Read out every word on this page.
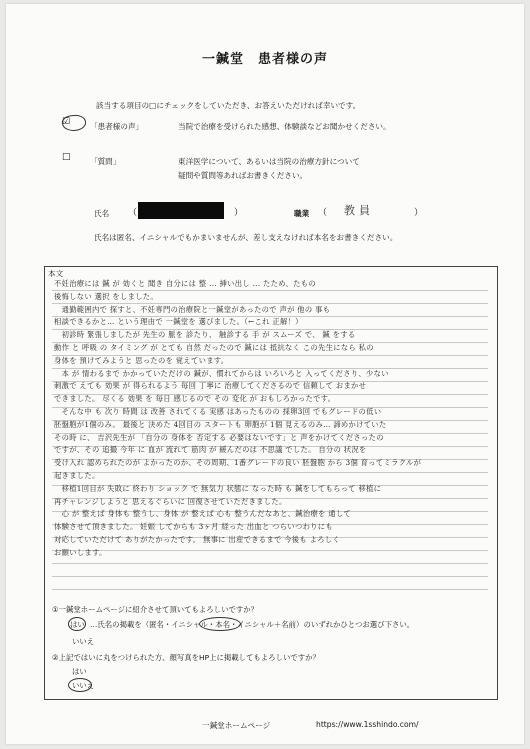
一鍼堂　患者様の声
該当する項目の□にチェックをしていただき、お答えいただければ幸いです。
☑	「患者様の声」	当院で治療を受けられた感想、体験談などお聞かせください。
□	「質問」	東洋医学について、あるいは当院の治療方針について
疑問や質問等あればお書きください。
氏名 （	）	職業 （ 教員	）
氏名は匿名、イニシャルでもかまいませんが、差し支えなければ本名をお書きください。
本文
不妊治療には 鍼 が 効くと 聞き 自分には 整 ... 挿い出し ... たため、たもの
後悔しない 選択 をしました。
　通勤範囲内で 探すと、不妊専門の治療院と一鍼堂があったので 声が 他の 事も
相談できるかと… という理由で 一鍼堂を 選びました。（←これ 正解！）
　初診時 緊張しましたが 先生の 脈を 診たり、 触診する 手 が スムーズ で、 鍼 をする
動作 と 呼吸 の タイミング が とても 自然 だったので 鍼には 抵抗なく この先生になら 私の
身体を 預けてみようと 思ったのを 覚えています。
　本 が 情わるまで かかっていただけの 鍼が、慣れてからは いろいろと 入ってくださり、少ない
刺激で えても 効果 が 得られるよう 毎回 丁寧に 治療してくださるので 信頼して おまかせ
できました。 尽くる 効果 を 毎日 感じるので その 変化 が おもしろかったです。
　そんな中 も 次り 時間 は 改善 されてくる 実感 はあったものの 採卵3回 でもグレードの低い
胚盤胞が1個のみ。 最後と 決めた 4回目の スタートも 卵胞が 1個 見えるのみ… 諦めかけていた
その時 に、 吉沢先生が 「自分の 身体を 否定する 必要はないです」と 声をかけてくださったの
ですが、その 追撮 今年 に 血が 流れて 筋肉 が 緩んだのは 不思議 でした。 自分の 状況を
受け入れ 認められたのが よかったのか、その周期、1番グレードの良い 胚盤胞 から 3個 育ってミラクルが
起きました。
　移植1回目が 失敗に 終わり ショック で 無気力 状態に なった時 も 鍼をしてもらって 移植に
再チャレンジしようと 思えるぐらいに 回復させていただきました。
　心 が 整えば 身体も 整うし、身体 が 整えば 心も 整うんだなあと、鍼治療を 通して
体験させて頂きました。 妊娠 してからも 3ヶ月 経った 出血と つらいつわりにも
対応していただけて ありがたかったです。 無事に 出産できるまで 今後も よろしく
お願いします。
①一鍼堂ホームページに紹介させて頂いてもよろしいですか？
はい …氏名の掲載を（匿名・イニシャル・本名・イニシャル＋名前）のいずれかひとつお選び下さい。
いいえ
②上記ではいに丸をつけられた方、顔写真をHP上に掲載してもよろしいですか？
はい
いいえ
一鍼堂ホームページ	https://www.1sshindo.com/
